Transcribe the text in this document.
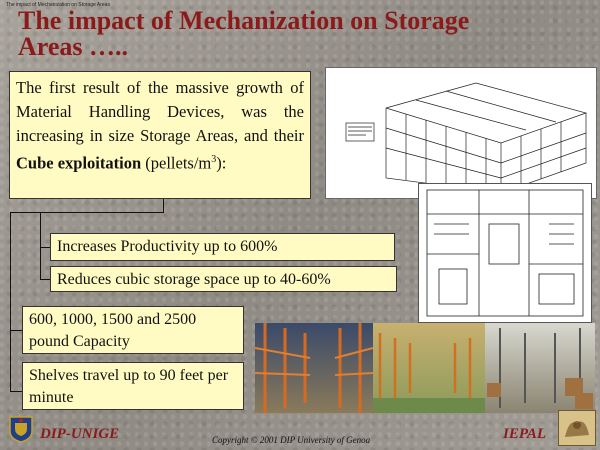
The impact of Mechanization on Storage Areas
The impact of Mechanization on Storage
Areas …..
The first result of the massive growth of Material Handling Devices, was the increasing in size Storage Areas, and their Cube exploitation $(pellets/m^3)$:
Increases Productivity up to 600%
Reduces cubic storage space up to 40-60%
600, 1000, 1500 and 2500 pound Capacity
Shelves travel up to 90 feet per minute
DIP-UNIGE	Copyright © 2001 DIP University of Genoa	IEPAL
